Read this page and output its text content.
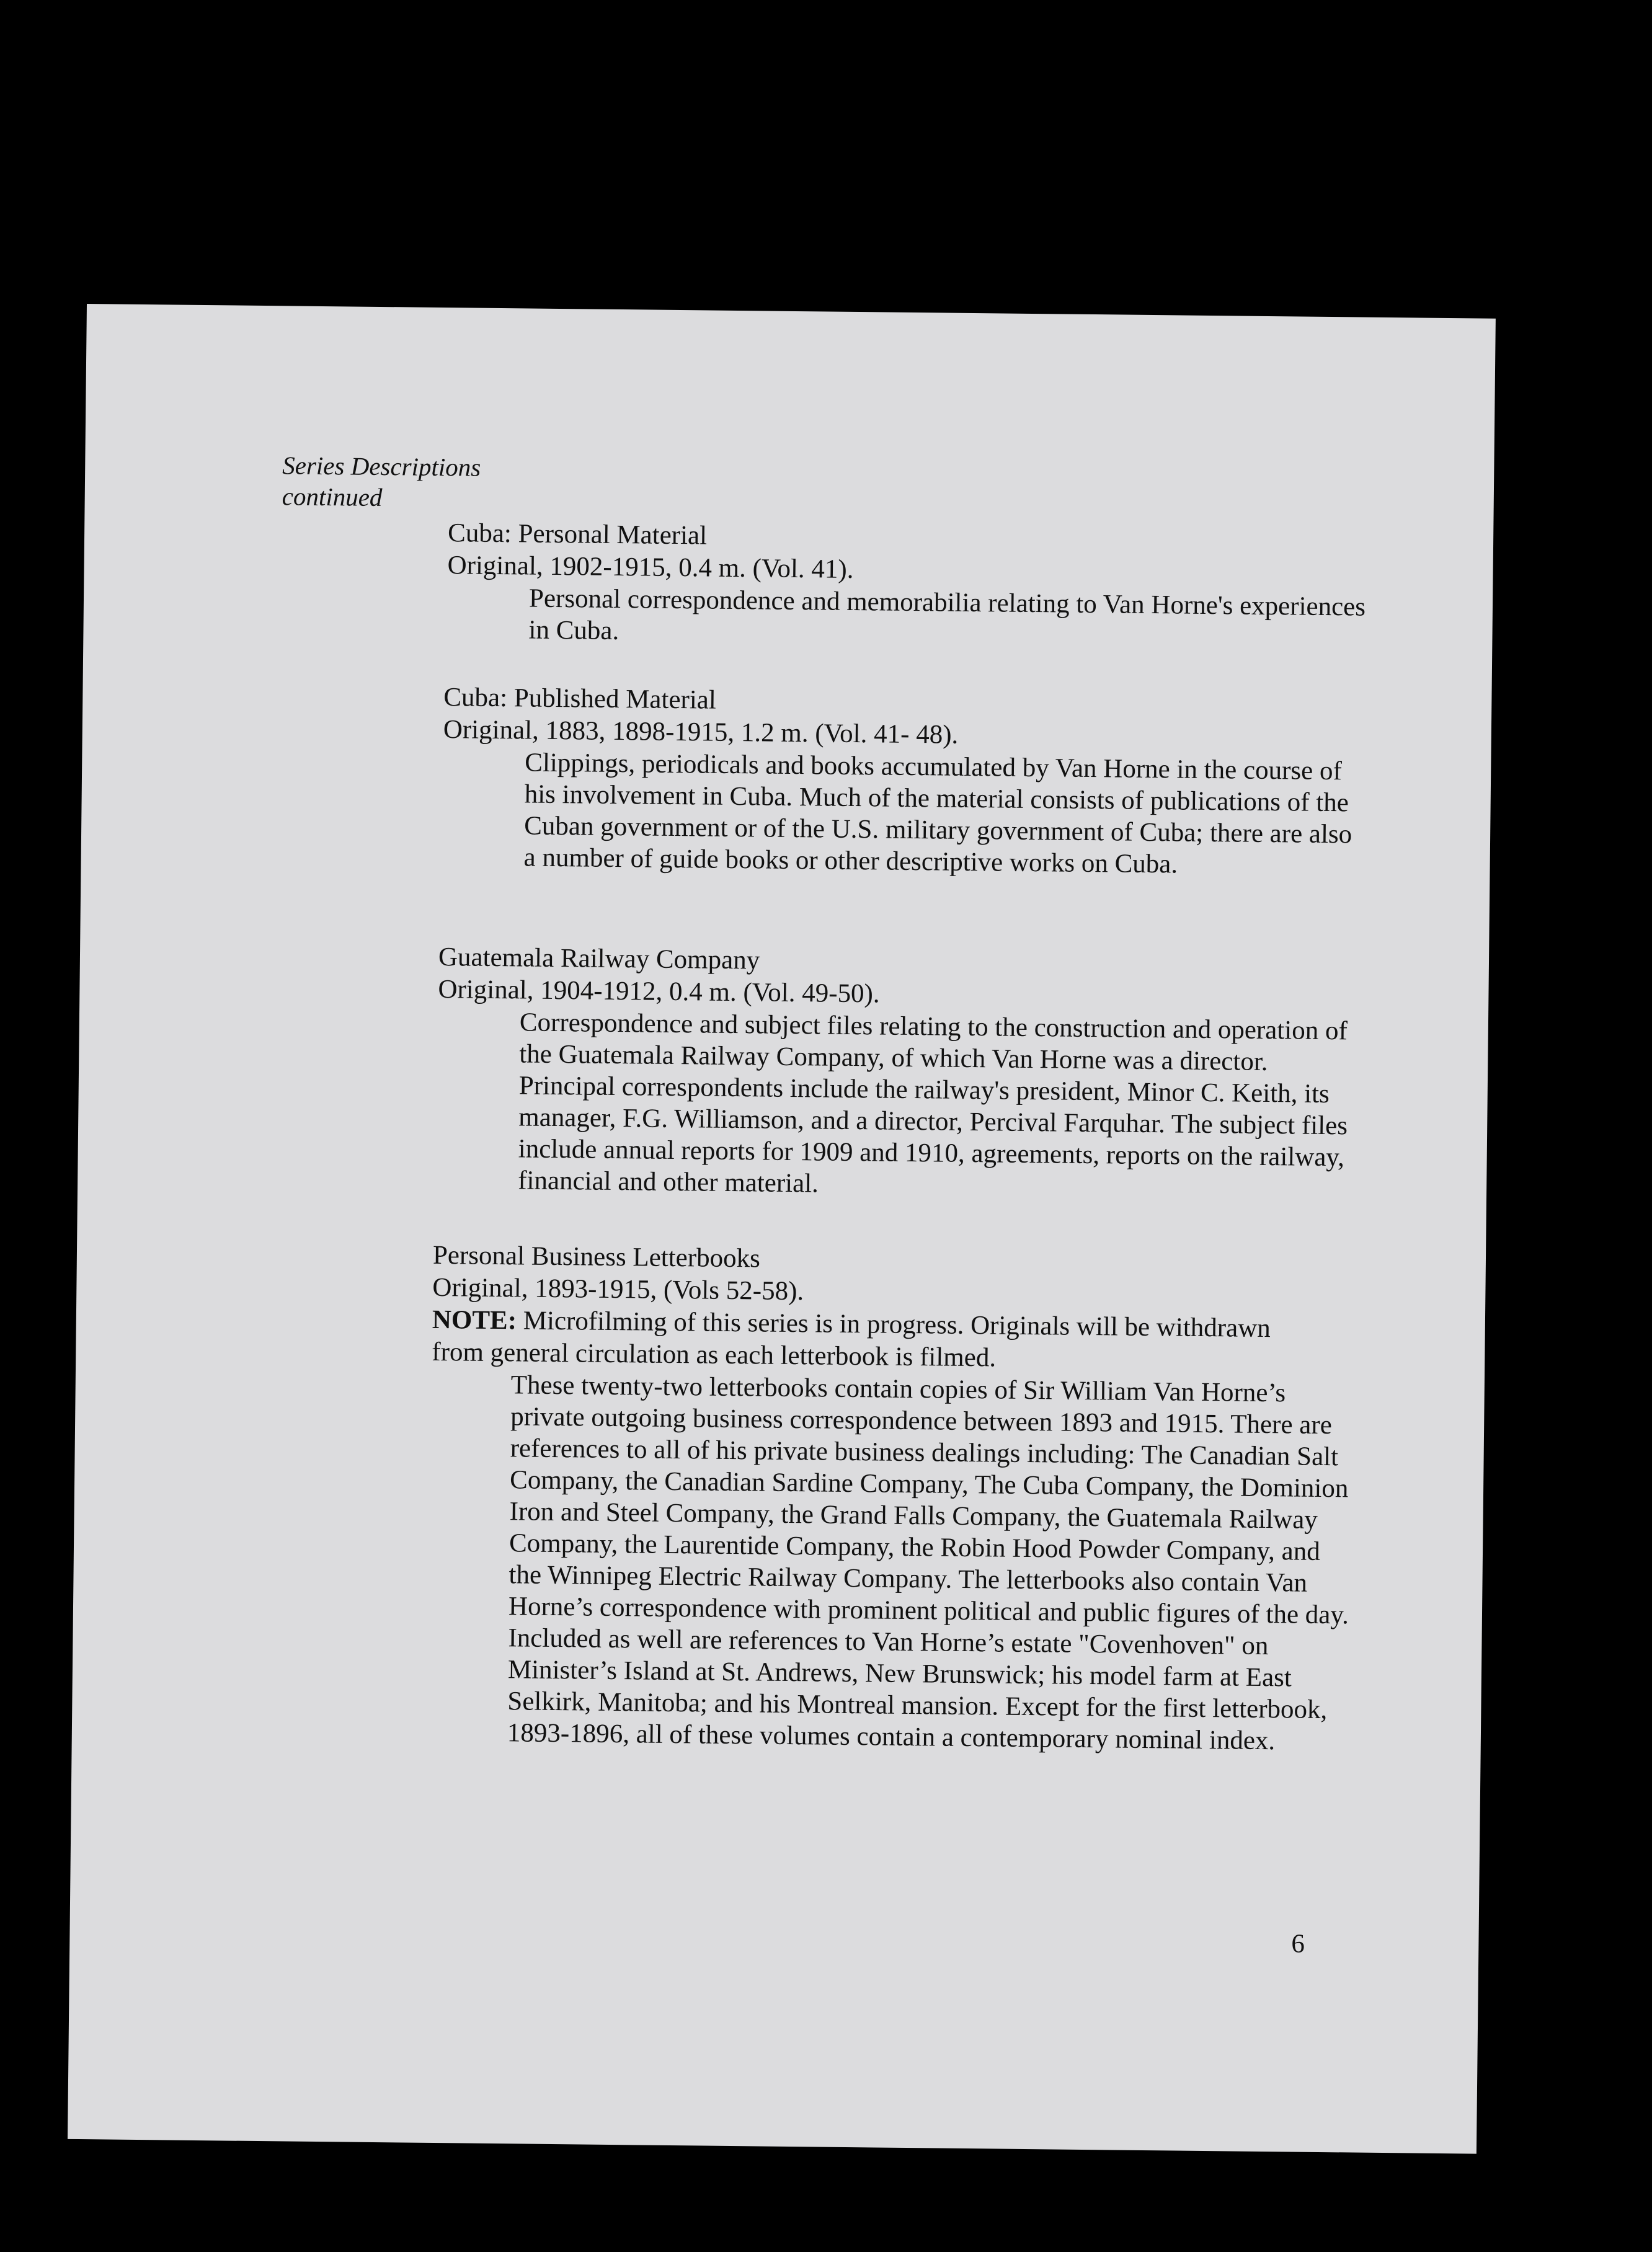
Series Descriptions
continued
Cuba: Personal Material
Original, 1902-1915, 0.4 m. (Vol. 41).
Personal correspondence and memorabilia relating to Van Horne's experiences in Cuba.
Cuba: Published Material
Original, 1883, 1898-1915, 1.2 m. (Vol. 41- 48).
Clippings, periodicals and books accumulated by Van Horne in the course of his involvement in Cuba. Much of the material consists of publications of the Cuban government or of the U.S. military government of Cuba; there are also a number of guide books or other descriptive works on Cuba.
Guatemala Railway Company
Original, 1904-1912, 0.4 m. (Vol. 49-50).
Correspondence and subject files relating to the construction and operation of the Guatemala Railway Company, of which Van Horne was a director. Principal correspondents include the railway's president, Minor C. Keith, its manager, F.G. Williamson, and a director, Percival Farquhar. The subject files include annual reports for 1909 and 1910, agreements, reports on the railway, financial and other material.
Personal Business Letterbooks
Original, 1893-1915, (Vols 52-58).
NOTE: Microfilming of this series is in progress. Originals will be withdrawn from general circulation as each letterbook is filmed.
These twenty-two letterbooks contain copies of Sir William Van Horne’s private outgoing business correspondence between 1893 and 1915. There are references to all of his private business dealings including: The Canadian Salt Company, the Canadian Sardine Company, The Cuba Company, the Dominion Iron and Steel Company, the Grand Falls Company, the Guatemala Railway Company, the Laurentide Company, the Robin Hood Powder Company, and the Winnipeg Electric Railway Company. The letterbooks also contain Van Horne’s correspondence with prominent political and public figures of the day. Included as well are references to Van Horne’s estate "Covenhoven" on Minister’s Island at St. Andrews, New Brunswick; his model farm at East Selkirk, Manitoba; and his Montreal mansion. Except for the first letterbook, 1893-1896, all of these volumes contain a contemporary nominal index.
6
